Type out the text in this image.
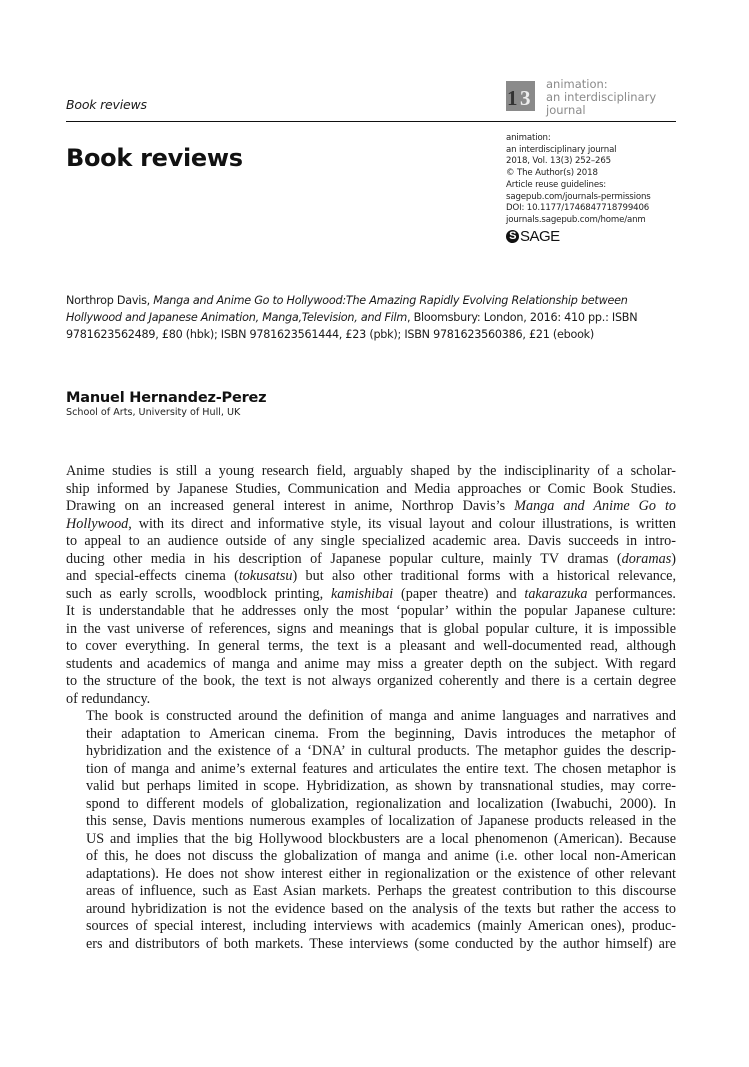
Book reviews	1 3
animation:
an interdisciplinary
journal
Book reviews
animation:
an interdisciplinary journal
2018, Vol. 13(3) 252–265
© The Author(s) 2018
Article reuse guidelines:
sagepub.com/journals-permissions
DOI: 10.1177/1746847718799406
journals.sagepub.com/home/anm
S SAGE
Northrop Davis, Manga and Anime Go to Hollywood:The Amazing Rapidly Evolving Relationship between Hollywood and Japanese Animation, Manga,Television, and Film, Bloomsbury: London, 2016: 410 pp.: ISBN 9781623562489, £80 (hbk); ISBN 9781623561444, £23 (pbk); ISBN 9781623560386, £21 (ebook)
Manuel Hernandez-Perez
School of Arts, University of Hull, UK

Anime studies is still a young research field, arguably shaped by the indisciplinarity of a scholar-
ship informed by Japanese Studies, Communication and Media approaches or Comic Book Studies.
Drawing on an increased general interest in anime, Northrop Davis’s Manga and Anime Go to
Hollywood, with its direct and informative style, its visual layout and colour illustrations, is written
to appeal to an audience outside of any single specialized academic area. Davis succeeds in intro-
ducing other media in his description of Japanese popular culture, mainly TV dramas (doramas)
and special-effects cinema (tokusatsu) but also other traditional forms with a historical relevance,
such as early scrolls, woodblock printing, kamishibai (paper theatre) and takarazuka performances.
It is understandable that he addresses only the most ‘popular’ within the popular Japanese culture:
in the vast universe of references, signs and meanings that is global popular culture, it is impossible
to cover everything. In general terms, the text is a pleasant and well-documented read, although
students and academics of manga and anime may miss a greater depth on the subject. With regard
to the structure of the book, the text is not always organized coherently and there is a certain degree
of redundancy.

The book is constructed around the definition of manga and anime languages and narratives and
their adaptation to American cinema. From the beginning, Davis introduces the metaphor of
hybridization and the existence of a ‘DNA’ in cultural products. The metaphor guides the descrip-
tion of manga and anime’s external features and articulates the entire text. The chosen metaphor is
valid but perhaps limited in scope. Hybridization, as shown by transnational studies, may corre-
spond to different models of globalization, regionalization and localization (Iwabuchi, 2000). In
this sense, Davis mentions numerous examples of localization of Japanese products released in the
US and implies that the big Hollywood blockbusters are a local phenomenon (American). Because
of this, he does not discuss the globalization of manga and anime (i.e. other local non-American
adaptations). He does not show interest either in regionalization or the existence of other relevant
areas of influence, such as East Asian markets. Perhaps the greatest contribution to this discourse
around hybridization is not the evidence based on the analysis of the texts but rather the access to
sources of special interest, including interviews with academics (mainly American ones), produc-
ers and distributors of both markets. These interviews (some conducted by the author himself) are
